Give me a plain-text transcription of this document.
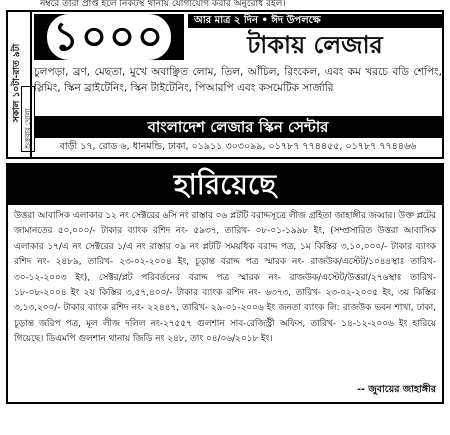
নম্বরে তারা প্রাপ্ত হলে নিকটস্থ থানায় যোগাযোগ করার অনুরোধ রইল।
সকাল ১০টা-রাত ৯টা
শুক্রবার খোলা
১০০০	আর মাত্র ২ দিন • ঈদ উপলক্ষে
টাকায় লেজার
চুলপড়া, ব্রণ, মেছতা, মুখে অবাঞ্ছিত লোম, তিল, আঁচিল, রিংকেল, এবং কম খরচে বডি শেপিং, স্লিমিং, স্কিন ব্রাইটেনিং, স্কিন টাইটেনিং, পিআরপি এবং কসমেটিক সার্জারি
বাংলাদেশ লেজার স্কিন সেন্টার
বাড়ী ১৭, রোড ৬, ধানমন্ডি, ঢাকা, ০১৯১১ ৩০৩০৯৯, ০১৭৮৭ ৭৭৪৪৫৫, ০১৭৮৭ ৭৭৪৪৬৬
হারিয়েছে
উত্তরা আবাসিক এলাকার ১২ নং সেক্টরের ৬সি নং রাস্তার ০৬ প্লটটি বরাদ্দসূত্রে লীজ গ্রহিতা জাহাঙ্গীর জব্বার। উক্ত প্লটের জামানতের ৫০,০০০/- টাকার ব্যাংক রশিদ নং- ৫৯৩৭, তারিখ- ০৮-০১-১৯৯৮ ইং, (সম্প্রসারিত উত্তরা আবাসিক এলাকার ১৭/এ নং সেক্টরের ১/এ নং রাস্তার ০৯ নং প্লটটি সময়ধিক বরাদ্দ পত্র, ১ম কিস্তির ৩,১০,০০০/- টাকার ব্যাংক রশিদ নং- ২৪৮৯, তারিখ- ২৩-০২-২০০৪ ইং, চূড়ান্ত বরাদ্দ পত্র স্মারক নং- রাজউক/এস্টেট/১০৪৪স্থাঃ তারিখ- ৩০-১২-২০০৩ ইং), সেক্টর/প্লট পরিবর্তনের বরাদ্দ পত্র স্মারক নং- রাজউক/এস্টেট/উত্তরা/২৭৬স্থাঃ তারিখ- ১৮-০৮-২০০৪ ইং ২য় কিস্তির ৩,৫৭,৪০০/- টাকার ব্যাংক রশিদ নং- ৬৩৭৩, তারিখ- ২৩-০২-২০০৫ ইং, ৩য় কিস্তির ৩,১৩,২০০/- টাকার ব্যাংক রশিদ নং- ২২৪৪৭, তারিখ- ২৯-০১-২০০৬ ইং জনতা ব্যাংক লি: রাজউক ভবন শাখা, ঢাকা, চূড়ান্ত জরিপ পত্র, মূল লীজ দলিল নং-২৭৫৫৭ গুলশান সাব-রেজিস্ট্রী অফিস, তারিখ- ১৪-১২-২০০৬ ইং হারিয়ে গিয়েছে। ডিএমপি গুলশান থানায় জিডি নং ২৪৮, তাং ০৪/০৬/২০১৮ ইং।
-- জুবায়ের জাহাঙ্গীর
